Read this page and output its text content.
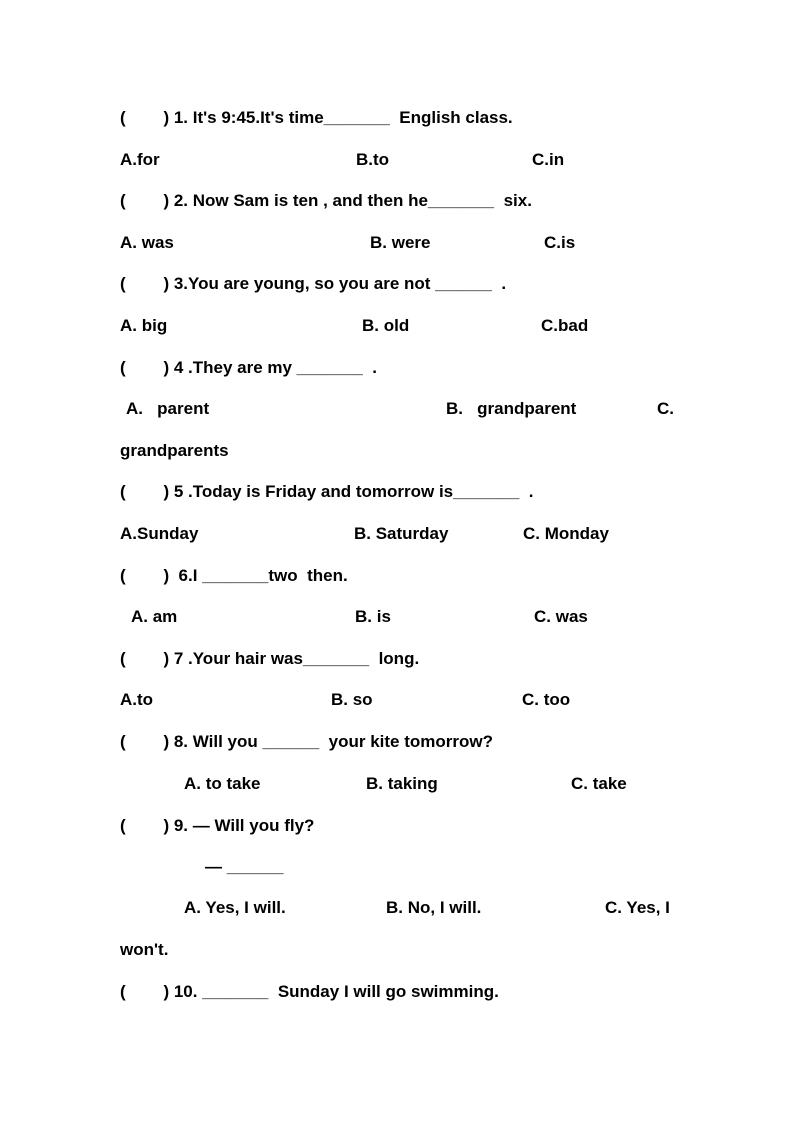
(        ) 1. It's 9:45.It's time_______  English class.
A.for	B.to	C.in
(        ) 2. Now Sam is ten , and then he_______  six.
A. was	B. were	C.is
(        ) 3.You are young, so you are not ______  .
A. big	B. old	C.bad
(        ) 4 .They are my _______  .
A.   parent	B.   grandparent	C.
grandparents
(        ) 5 .Today is Friday and tomorrow is_______  .
A.Sunday	B. Saturday	C. Monday
(        )  6.I _______two  then.
A. am	B. is	C. was
(        ) 7 .Your hair was_______  long.
A.to	B. so	C. too
(        ) 8. Will you ______  your kite tomorrow?
A. to take	B. taking	C. take
(        ) 9. — Will you fly?
— ______
A. Yes, I will.	B. No, I will.	C. Yes, I
won't.
(        ) 10. _______  Sunday I will go swimming.
